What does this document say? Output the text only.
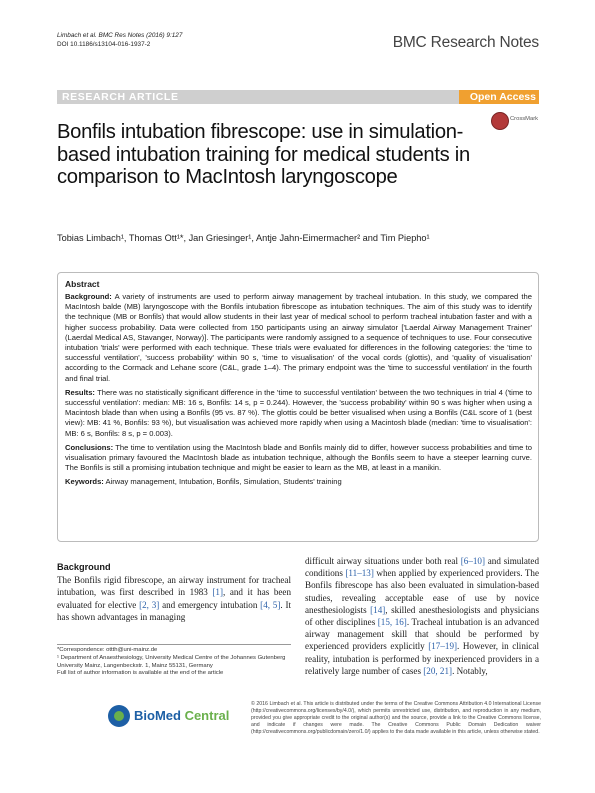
Limbach et al. BMC Res Notes (2016) 9:127
DOI 10.1186/s13104-016-1937-2	BMC Research Notes
RESEARCH ARTICLE	Open Access
CrossMark
Bonfils intubation fibrescope: use in simulation-based intubation training for medical students in comparison to MacIntosh laryngoscope
Tobias Limbach¹, Thomas Ott¹*, Jan Griesinger¹, Antje Jahn-Eimermacher² and Tim Piepho¹
Abstract

Background: A variety of instruments are used to perform airway management by tracheal intubation. In this study, we compared the MacIntosh balde (MB) laryngoscope with the Bonfils intubation fibrescope as intubation techniques. The aim of this study was to identify the technique (MB or Bonfils) that would allow students in their last year of medical school to perform tracheal intubation faster and with a higher success probability. Data were collected from 150 participants using an airway simulator ['Laerdal Airway Management Trainer' (Laerdal Medical AS, Stavanger, Norway)]. The participants were randomly assigned to a sequence of techniques to use. Four consecutive intubation 'trials' were performed with each technique. These trials were evaluated for differences in the following categories: the 'time to successful ventilation', 'success probability' within 90 s, 'time to visualisation' of the vocal cords (glottis), and 'quality of visualisation' according to the Cormack and Lehane score (C&L, grade 1–4). The primary endpoint was the 'time to successful ventilation' in the fourth and final trial.

Results: There was no statistically significant difference in the 'time to successful ventilation' between the two techniques in trial 4 ('time to successful ventilation': median: MB: 16 s, Bonfils: 14 s, p = 0.244). However, the 'success probability' within 90 s was higher when using a Macintosh blade than when using a Bonfils (95 vs. 87 %). The glottis could be better visualised when using a Bonfils (C&L score of 1 (best view): MB: 41 %, Bonfils: 93 %), but visualisation was achieved more rapidly when using a Macintosh blade (median: 'time to visualisation': MB: 6 s, Bonfils: 8 s, p = 0.003).

Conclusions: The time to ventilation using the MacIntosh blade and Bonfils mainly did to differ, however success probabilities and time to visualisation primary favoured the MacIntosh blade as intubation technique, although the Bonfils seem to have a steeper learning curve. The Bonfils is still a promising intubation technique and might be easier to learn as the MB, at least in a manikin.

Keywords: Airway management, Intubation, Bonfils, Simulation, Students' training

Background
The Bonfils rigid fibrescope, an airway instrument for tracheal intubation, was first described in 1983 [1], and it has been evaluated for elective [2, 3] and emergency intubation [4, 5]. It has shown advantages in managing
difficult airway situations under both real [6–10] and simulated conditions [11–13] when applied by experienced providers. The Bonfils fibrescope has also been evaluated in simulation-based studies, revealing acceptable ease of use by novice anesthesiologists [14], skilled anesthesiologists and physicians of other disciplines [15, 16]. Tracheal intubation is an advanced airway management skill that should be performed by experienced providers explicitly [17–19]. However, in clinical reality, intubation is performed by inexperienced providers in a relatively large number of cases [20, 21]. Notably,
*Correspondence: ottth@uni-mainz.de
¹ Department of Anaesthesiology, University Medical Centre of the Johannes Gutenberg University Mainz, Langenbeckstr. 1, Mainz 55131, Germany
Full list of author information is available at the end of the article
BioMed Central
© 2016 Limbach et al. This article is distributed under the terms of the Creative Commons Attribution 4.0 International License (http://creativecommons.org/licenses/by/4.0/), which permits unrestricted use, distribution, and reproduction in any medium, provided you give appropriate credit to the original author(s) and the source, provide a link to the Creative Commons license, and indicate if changes were made. The Creative Commons Public Domain Dedication waiver (http://creativecommons.org/publicdomain/zero/1.0/) applies to the data made available in this article, unless otherwise stated.
